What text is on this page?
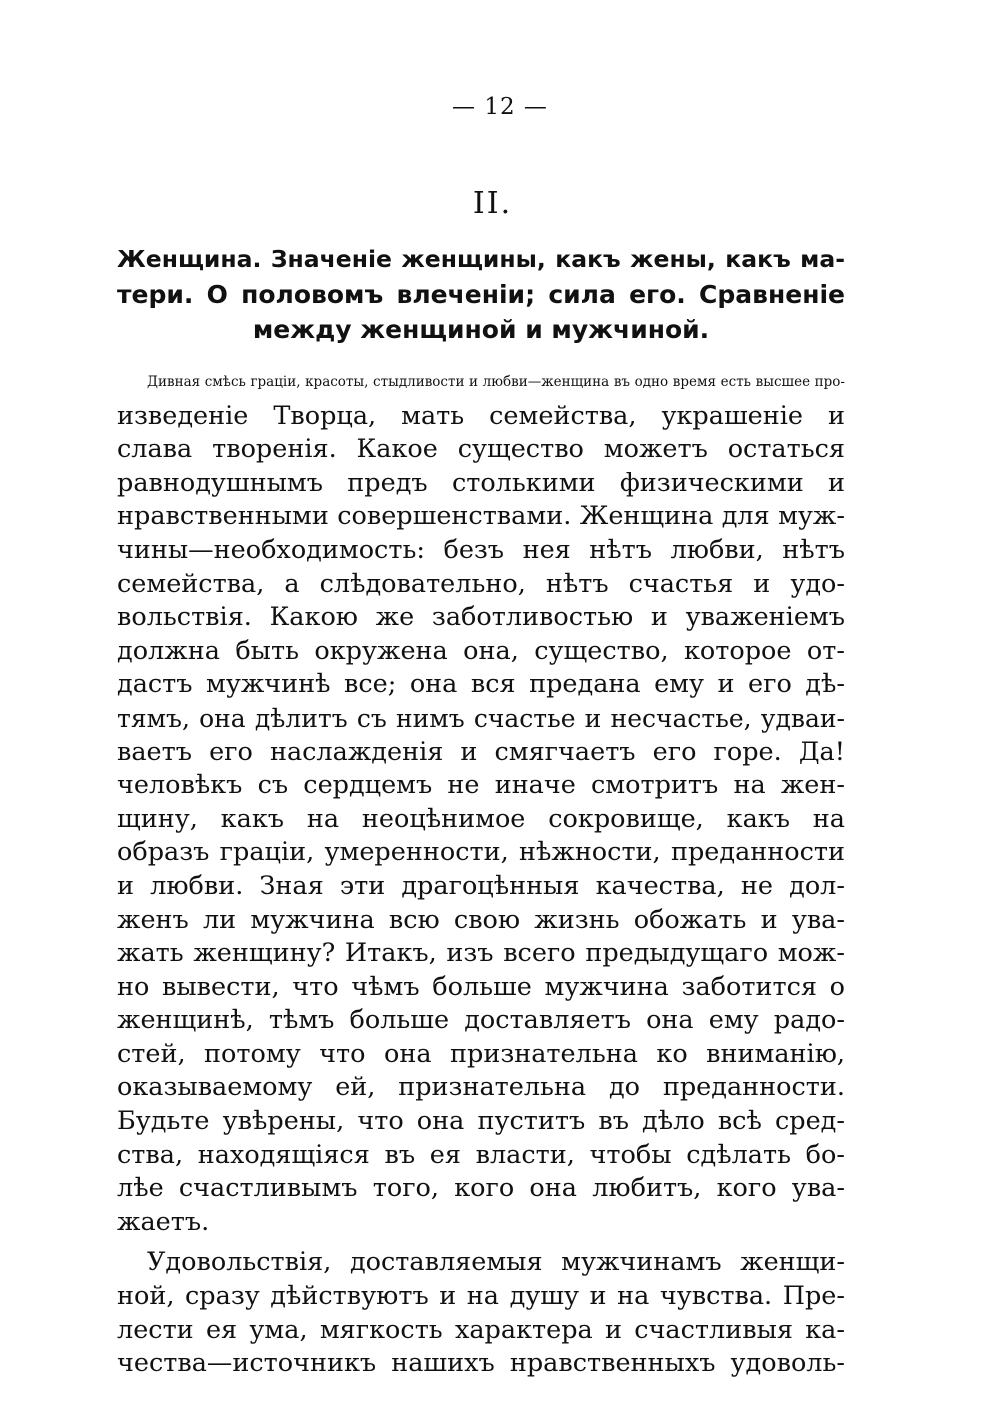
— 12 —
II.
Женщина. Значеніе женщины, какъ жены, какъ ма-
тери. О половомъ влеченіи; сила его. Сравненіе
между женщиной и мужчиной.
Дивная смѣсь граціи, красоты, стыдливости и любви—женщина въ одно время есть высшее про-
изведеніе Творца, мать семейства, украшеніе и
слава творенія. Какое существо можетъ остаться
равнодушнымъ предъ столькими физическими и
нравственными совершенствами. Женщина для муж-
чины—необходимость: безъ нея нѣтъ любви, нѣтъ
семейства, а слѣдовательно, нѣтъ счастья и удо-
вольствія. Какою же заботливостью и уваженіемъ
должна быть окружена она, существо, которое от-
дастъ мужчинѣ все; она вся предана ему и его дѣ-
тямъ, она дѣлитъ съ нимъ счастье и несчастье, удваи-
ваетъ его наслажденія и смягчаетъ его горе. Да!
человѣкъ съ сердцемъ не иначе смотритъ на жен-
щину, какъ на неоцѣнимое сокровище, какъ на
образъ граціи, умеренности, нѣжности, преданности
и любви. Зная эти драгоцѣнныя качества, не дол-
женъ ли мужчина всю свою жизнь обожать и ува-
жать женщину? Итакъ, изъ всего предыдущаго мож-
но вывести, что чѣмъ больше мужчина заботится о
женщинѣ, тѣмъ больше доставляетъ она ему радо-
стей, потому что она признательна ко вниманію,
оказываемому ей, признательна до преданности.
Будьте увѣрены, что она пуститъ въ дѣло всѣ сред-
ства, находящіяся въ ея власти, чтобы сдѣлать бо-
лѣе счастливымъ того, кого она любитъ, кого ува-
жаетъ.
Удовольствія, доставляемыя мужчинамъ женщи-
ной, сразу дѣйствуютъ и на душу и на чувства. Пре-
лести ея ума, мягкость характера и счастливыя ка-
чества—источникъ нашихъ нравственныхъ удоволь-
